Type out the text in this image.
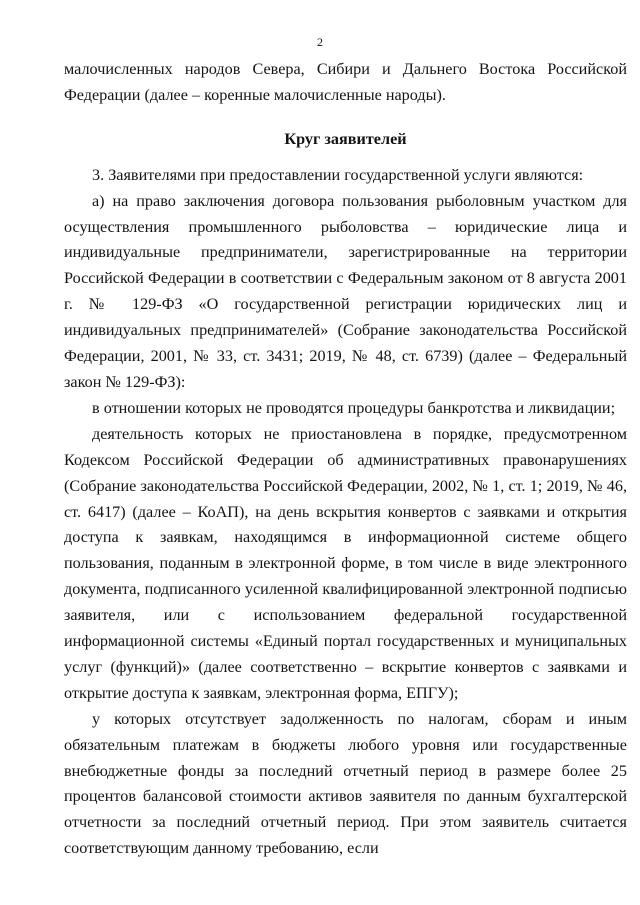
2

малочисленных народов Севера, Сибири и Дальнего Востока Российской Федерации (далее – коренные малочисленные народы).

Круг заявителей

3. Заявителями при предоставлении государственной услуги являются:

а) на право заключения договора пользования рыболовным участком для осуществления промышленного рыболовства – юридические лица и индивидуальные предприниматели, зарегистрированные на территории Российской Федерации в соответствии с Федеральным законом от 8 августа 2001 г. № 129-ФЗ «О государственной регистрации юридических лиц и индивидуальных предпринимателей» (Собрание законодательства Российской Федерации, 2001, № 33, ст. 3431; 2019, № 48, ст. 6739) (далее – Федеральный закон № 129-ФЗ):

в отношении которых не проводятся процедуры банкротства и ликвидации;

деятельность которых не приостановлена в порядке, предусмотренном Кодексом Российской Федерации об административных правонарушениях (Собрание законодательства Российской Федерации, 2002, № 1, ст. 1; 2019, № 46, ст. 6417) (далее – КоАП), на день вскрытия конвертов с заявками и открытия доступа к заявкам, находящимся в информационной системе общего пользования, поданным в электронной форме, в том числе в виде электронного документа, подписанного усиленной квалифицированной электронной подписью заявителя, или с использованием федеральной государственной информационной системы «Единый портал государственных и муниципальных услуг (функций)» (далее соответственно – вскрытие конвертов с заявками и открытие доступа к заявкам, электронная форма, ЕПГУ);

у которых отсутствует задолженность по налогам, сборам и иным обязательным платежам в бюджеты любого уровня или государственные внебюджетные фонды за последний отчетный период в размере более 25 процентов балансовой стоимости активов заявителя по данным бухгалтерской отчетности за последний отчетный период. При этом заявитель считается соответствующим данному требованию, если
